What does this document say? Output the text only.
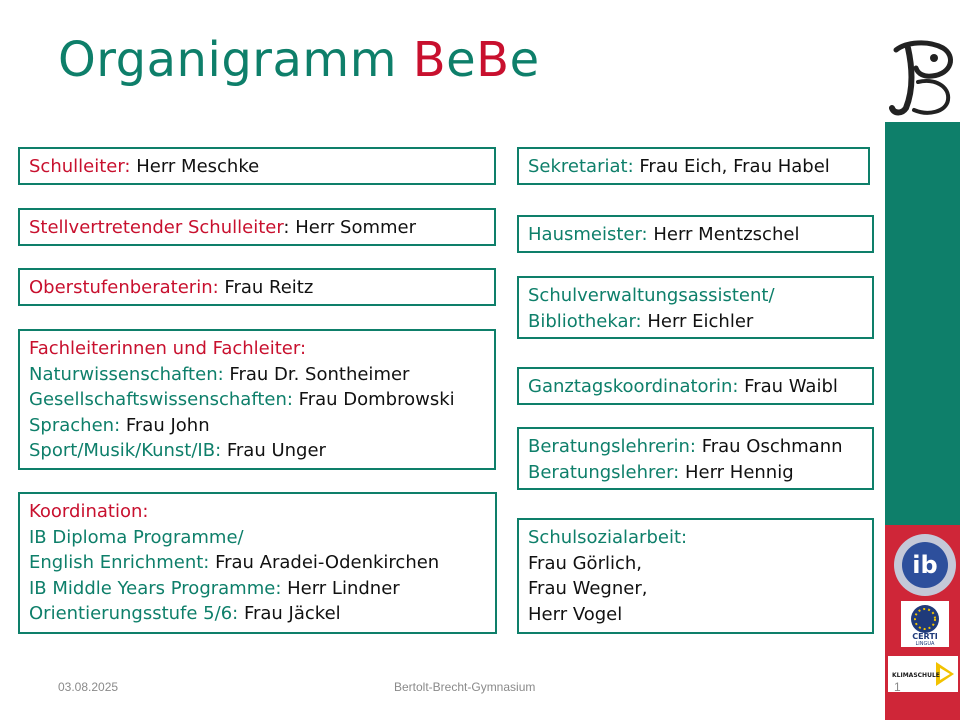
Organigramm BeBe
Schulleiter: Herr Meschke
Stellvertretender Schulleiter: Herr Sommer
Oberstufenberaterin: Frau Reitz
Fachleiterinnen und Fachleiter:
Naturwissenschaften: Frau Dr. Sontheimer
Gesellschaftswissenschaften: Frau Dombrowski
Sprachen: Frau John
Sport/Musik/Kunst/IB: Frau Unger
Koordination:
IB Diploma Programme/
English Enrichment: Frau Aradei-Odenkirchen
IB Middle Years Programme: Herr Lindner
Orientierungsstufe 5/6: Frau Jäckel
Sekretariat: Frau Eich, Frau Habel
Hausmeister: Herr Mentzschel
Schulverwaltungsassistent/
Bibliothekar: Herr Eichler
Ganztagskoordinatorin: Frau Waibl
Beratungslehrerin: Frau Oschmann
Beratungslehrer: Herr Hennig
Schulsozialarbeit:
Frau Görlich,
Frau Wegner,
Herr Vogel
ib
CERTI
LINGUA
KLIMASCHULE
03.08.2025	Bertolt-Brecht-Gymnasium	1
